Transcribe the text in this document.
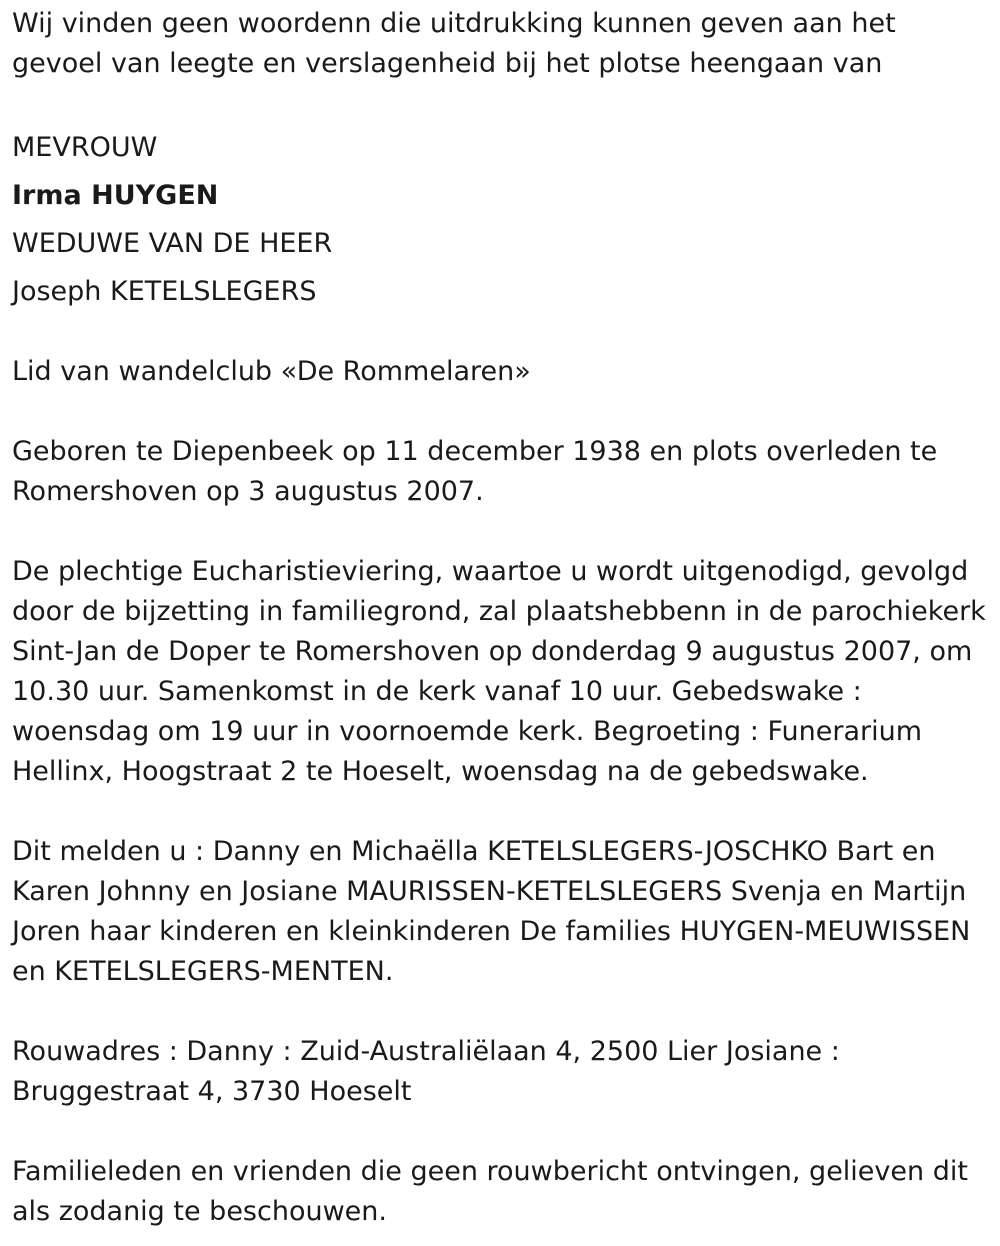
Wij vinden geen woordenn die uitdrukking kunnen geven aan het gevoel van leegte en verslagenheid bij het plotse heengaan van

MEVROUW
Irma HUYGEN
WEDUWE VAN DE HEER
Joseph KETELSLEGERS

Lid van wandelclub «De Rommelaren»

Geboren te Diepenbeek op 11 december 1938 en plots overleden te Romershoven op 3 augustus 2007.

De plechtige Eucharistieviering, waartoe u wordt uitgenodigd, gevolgd door de bijzetting in familiegrond, zal plaatshebbenn in de parochiekerk Sint-Jan de Doper te Romershoven op donderdag 9 augustus 2007, om 10.30 uur. Samenkomst in de kerk vanaf 10 uur. Gebedswake : woensdag om 19 uur in voornoemde kerk. Begroeting : Funerarium Hellinx, Hoogstraat 2 te Hoeselt, woensdag na de gebedswake.

Dit melden u : Danny en Michaëlla KETELSLEGERS-JOSCHKO Bart en Karen Johnny en Josiane MAURISSEN-KETELSLEGERS Svenja en Martijn Joren haar kinderen en kleinkinderen De families HUYGEN-MEUWISSEN en KETELSLEGERS-MENTEN.

Rouwadres : Danny : Zuid-Australiëlaan 4, 2500 Lier Josiane : Bruggestraat 4, 3730 Hoeselt

Familieleden en vrienden die geen rouwbericht ontvingen, gelieven dit als zodanig te beschouwen.
